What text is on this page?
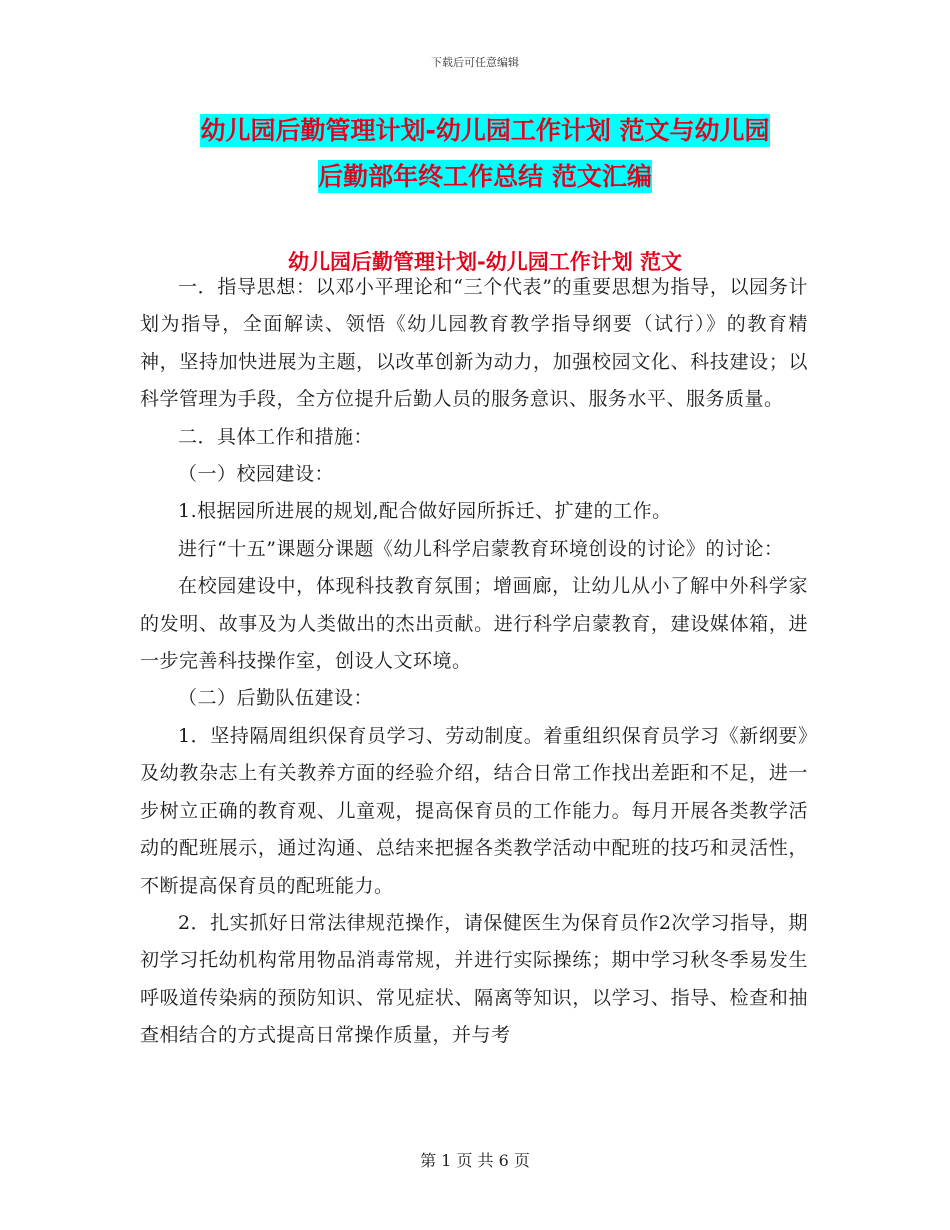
下载后可任意编辑
幼儿园后勤管理计划-幼儿园工作计划 范文与幼儿园
后勤部年终工作总结 范文汇编
幼儿园后勤管理计划-幼儿园工作计划 范文

一．指导思想：以邓小平理论和“三个代表”的重要思想为指导，以园务计划为指导，全面解读、领悟《幼儿园教育教学指导纲要（试行）》的教育精神，坚持加快进展为主题，以改革创新为动力，加强校园文化、科技建设；以科学管理为手段，全方位提升后勤人员的服务意识、服务水平、服务质量。

二．具体工作和措施：

（一）校园建设：

1.根据园所进展的规划,配合做好园所拆迁、扩建的工作。

进行“十五”课题分课题《幼儿科学启蒙教育环境创设的讨论》的讨论：

在校园建设中，体现科技教育氛围；增画廊，让幼儿从小了解中外科学家的发明、故事及为人类做出的杰出贡献。进行科学启蒙教育，建设媒体箱，进一步完善科技操作室，创设人文环境。

（二）后勤队伍建设：

1．坚持隔周组织保育员学习、劳动制度。着重组织保育员学习《新纲要》及幼教杂志上有关教养方面的经验介绍，结合日常工作找出差距和不足，进一步树立正确的教育观、儿童观，提高保育员的工作能力。每月开展各类教学活动的配班展示，通过沟通、总结来把握各类教学活动中配班的技巧和灵活性，不断提高保育员的配班能力。

2．扎实抓好日常法律规范操作，请保健医生为保育员作2次学习指导，期初学习托幼机构常用物品消毒常规，并进行实际操练；期中学习秋冬季易发生呼吸道传染病的预防知识、常见症状、隔离等知识，以学习、指导、检查和抽查相结合的方式提高日常操作质量，并与考

第 1 页 共 6 页
